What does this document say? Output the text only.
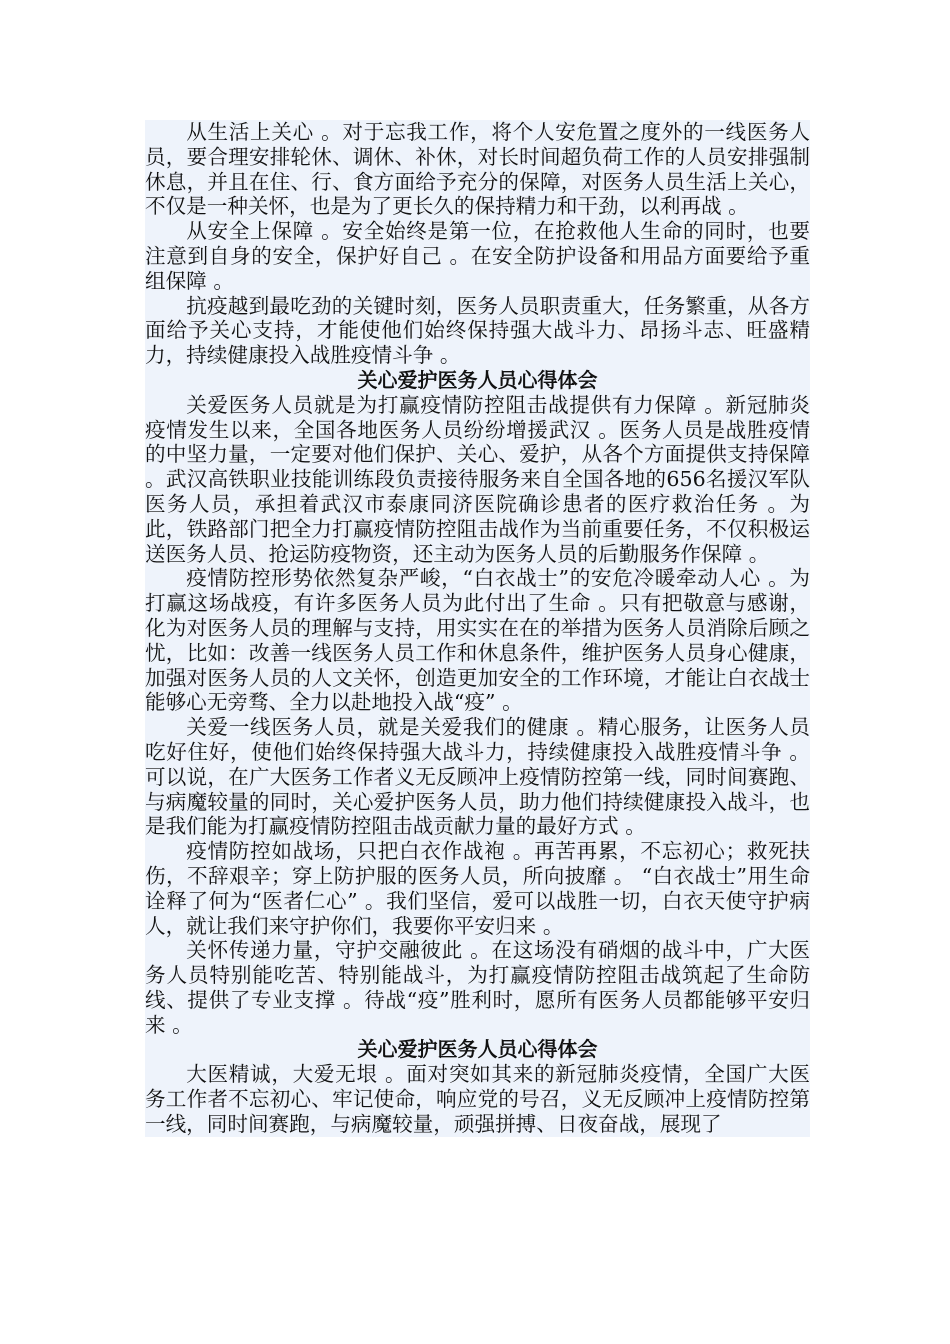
从生活上关心 。对于忘我工作，将个人安危置之度外的一线医务人员，要合理安排轮休、调休、补休，对长时间超负荷工作的人员安排强制休息，并且在住、行、食方面给予充分的保障，对医务人员生活上关心，不仅是一种关怀，也是为了更长久的保持精力和干劲，以利再战 。

从安全上保障 。安全始终是第一位，在抢救他人生命的同时，也要注意到自身的安全，保护好自己 。在安全防护设备和用品方面要给予重组保障 。

抗疫越到最吃劲的关键时刻，医务人员职责重大，任务繁重，从各方面给予关心支持，才能使他们始终保持强大战斗力、昂扬斗志、旺盛精力，持续健康投入战胜疫情斗争 。

关心爱护医务人员心得体会

关爱医务人员就是为打赢疫情防控阻击战提供有力保障 。新冠肺炎疫情发生以来，全国各地医务人员纷纷增援武汉 。医务人员是战胜疫情的中坚力量，一定要对他们保护、关心、爱护，从各个方面提供支持保障 。武汉高铁职业技能训练段负责接待服务来自全国各地的656名援汉军队医务人员，承担着武汉市泰康同济医院确诊患者的医疗救治任务 。为此，铁路部门把全力打赢疫情防控阻击战作为当前重要任务，不仅积极运送医务人员、抢运防疫物资，还主动为医务人员的后勤服务作保障 。

疫情防控形势依然复杂严峻，“白衣战士”的安危冷暖牵动人心 。为打赢这场战疫，有许多医务人员为此付出了生命 。只有把敬意与感谢，化为对医务人员的理解与支持，用实实在在的举措为医务人员消除后顾之忧，比如：改善一线医务人员工作和休息条件，维护医务人员身心健康，加强对医务人员的人文关怀，创造更加安全的工作环境，才能让白衣战士能够心无旁骛、全力以赴地投入战“疫” 。

关爱一线医务人员，就是关爱我们的健康 。精心服务，让医务人员吃好住好，使他们始终保持强大战斗力，持续健康投入战胜疫情斗争 。可以说，在广大医务工作者义无反顾冲上疫情防控第一线，同时间赛跑、与病魔较量的同时，关心爱护医务人员，助力他们持续健康投入战斗，也是我们能为打赢疫情防控阻击战贡献力量的最好方式 。

疫情防控如战场，只把白衣作战袍 。再苦再累，不忘初心；救死扶伤，不辞艰辛；穿上防护服的医务人员，所向披靡 。 “白衣战士”用生命诠释了何为“医者仁心” 。我们坚信，爱可以战胜一切，白衣天使守护病人，就让我们来守护你们，我要你平安归来 。

关怀传递力量，守护交融彼此 。在这场没有硝烟的战斗中，广大医务人员特别能吃苦、特别能战斗，为打赢疫情防控阻击战筑起了生命防线、提供了专业支撑 。待战“疫”胜利时，愿所有医务人员都能够平安归来 。

关心爱护医务人员心得体会

大医精诚，大爱无垠 。面对突如其来的新冠肺炎疫情，全国广大医务工作者不忘初心、牢记使命，响应党的号召，义无反顾冲上疫情防控第一线，同时间赛跑，与病魔较量，顽强拼搏、日夜奋战，展现了
